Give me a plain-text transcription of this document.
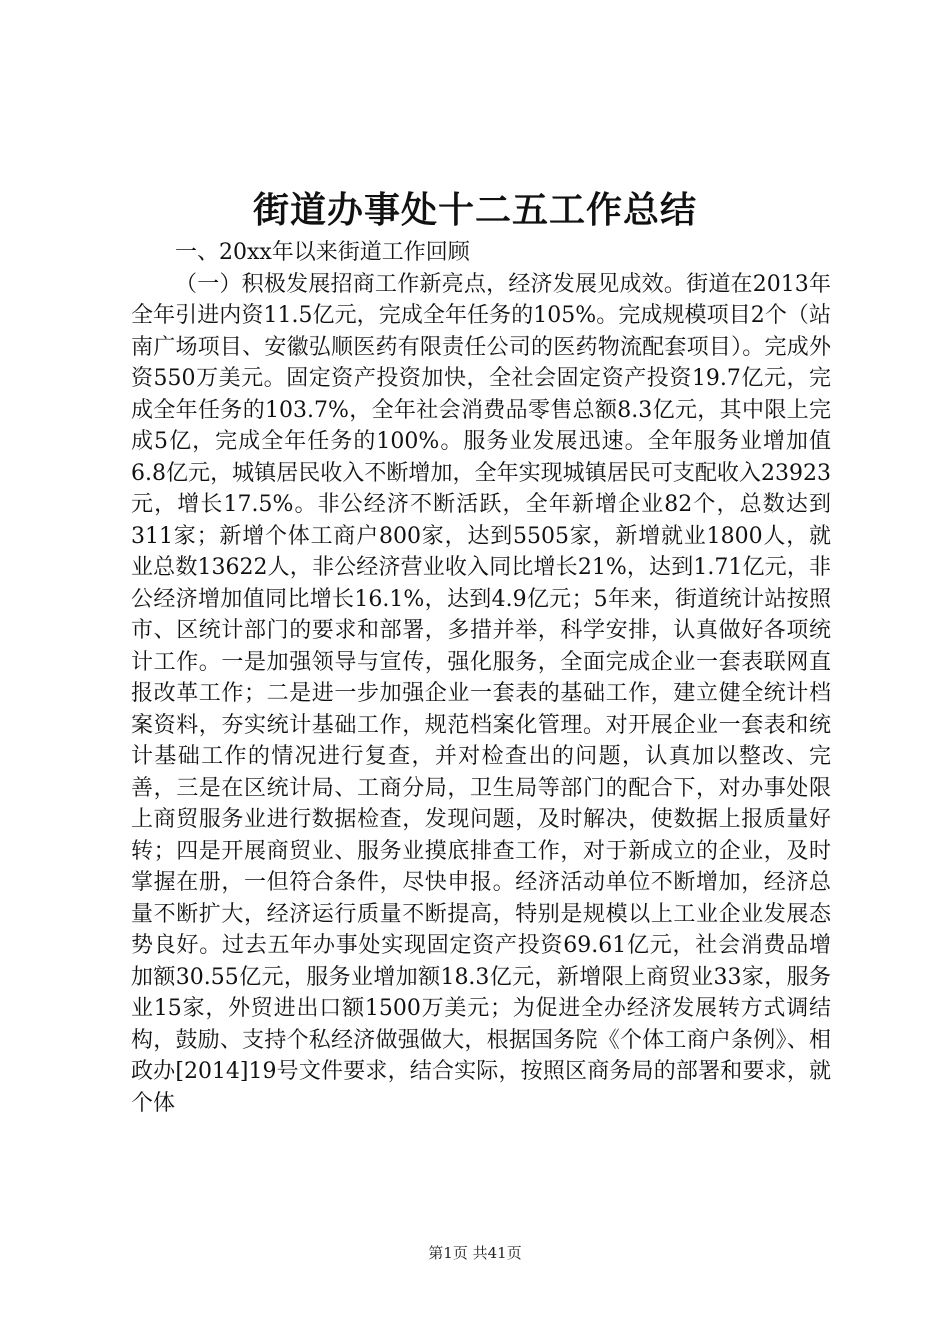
街道办事处十二五工作总结

一、20xx年以来街道工作回顾

（一）积极发展招商工作新亮点，经济发展见成效。街道在2013年全年引进内资11.5亿元，完成全年任务的105%。完成规模项目2个（站南广场项目、安徽弘顺医药有限责任公司的医药物流配套项目）。完成外资550万美元。固定资产投资加快，全社会固定资产投资19.7亿元，完成全年任务的103.7%，全年社会消费品零售总额8.3亿元，其中限上完成5亿，完成全年任务的100%。服务业发展迅速。全年服务业增加值6.8亿元，城镇居民收入不断增加，全年实现城镇居民可支配收入23923元，增长17.5%。非公经济不断活跃，全年新增企业82个，总数达到311家；新增个体工商户800家，达到5505家，新增就业1800人，就业总数13622人，非公经济营业收入同比增长21%，达到1.71亿元，非公经济增加值同比增长16.1%，达到4.9亿元；5年来，街道统计站按照市、区统计部门的要求和部署，多措并举，科学安排，认真做好各项统计工作。一是加强领导与宣传，强化服务，全面完成企业一套表联网直报改革工作；二是进一步加强企业一套表的基础工作，建立健全统计档案资料，夯实统计基础工作，规范档案化管理。对开展企业一套表和统计基础工作的情况进行复查，并对检查出的问题，认真加以整改、完善，三是在区统计局、工商分局，卫生局等部门的配合下，对办事处限上商贸服务业进行数据检查，发现问题，及时解决，使数据上报质量好转；四是开展商贸业、服务业摸底排查工作，对于新成立的企业，及时掌握在册，一但符合条件，尽快申报。经济活动单位不断增加，经济总量不断扩大，经济运行质量不断提高，特别是规模以上工业企业发展态势良好。过去五年办事处实现固定资产投资69.61亿元，社会消费品增加额30.55亿元，服务业增加额18.3亿元，新增限上商贸业33家，服务业15家，外贸进出口额1500万美元；为促进全办经济发展转方式调结构，鼓励、支持个私经济做强做大，根据国务院《个体工商户条例》、相政办[2014]19号文件要求，结合实际，按照区商务局的部署和要求，就个体

第1页 共41页
